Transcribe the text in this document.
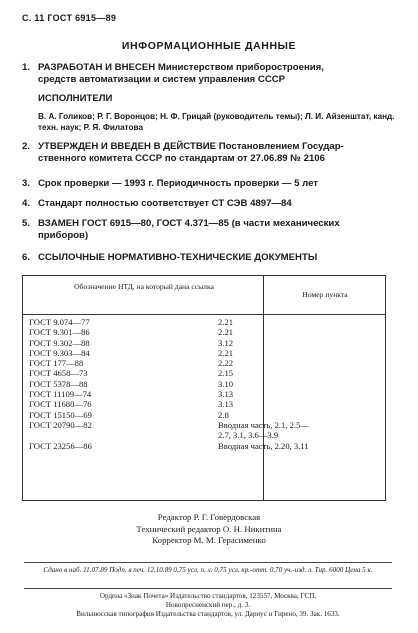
С. 11 ГОСТ 6915—89
ИНФОРМАЦИОННЫЕ ДАННЫЕ
1. РАЗРАБОТАН И ВНЕСЕН Министерством приборостроения,
средств автоматизации и систем управления СССР
ИСПОЛНИТЕЛИ
В. А. Голиков; Р. Г. Воронцов; Н. Ф. Грицай (руководитель темы); Л. И. Айзенштат, канд. техн. наук; Р. Я. Филатова
2. УТВЕРЖДЕН И ВВЕДЕН В ДЕЙСТВИЕ Постановлением Государ-
ственного комитета СССР по стандартам от 27.06.89 № 2106
3. Срок проверки — 1993 г. Периодичность проверки — 5 лет
4. Стандарт полностью соответствует СТ СЭВ 4897—84
5. ВЗАМЕН ГОСТ 6915—80, ГОСТ 4.371—85 (в части механических
приборов)
6. ССЫЛОЧНЫЕ НОРМАТИВНО-ТЕХНИЧЕСКИЕ ДОКУМЕНТЫ
Обозначение НТД, на который дана ссылка
Номер пункта
ГОСТ 9.074—77	2.21
ГОСТ 9.301—86	2.21
ГОСТ 9.302—88	3.12
ГОСТ 9.303—84	2.21
ГОСТ 177—88	2.22
ГОСТ 4658—73	2.15
ГОСТ 5378—88	3.10
ГОСТ 11109—74	3.13
ГОСТ 11680—76	3.13
ГОСТ 15150—69	2.8
ГОСТ 20790—82	Вводная часть, 2.1, 2.5—
2.7, 3.1, 3.6—3.9
ГОСТ 23256—86	Вводная часть, 2.20, 3.11
Редактор Р. Г. Говердовская
Технический редактор О. Н. Никитина
Корректор М. М. Герасименко
Сдано в наб. 11.07.89 Подп. в печ. 12.10.89 0,75 усл. п. л. 0,75 усл. кр.-отт. 0,70 уч.-изд. л. Тир. 6000 Цена 5 к.
Ордена «Знак Почета» Издательство стандартов, 123557, Москва, ГСП,
Новопресненский пер., д. 3.
Вильнюсская типография Издательства стандартов, ул. Дариус и Гирено, 39. Зак. 1633.
